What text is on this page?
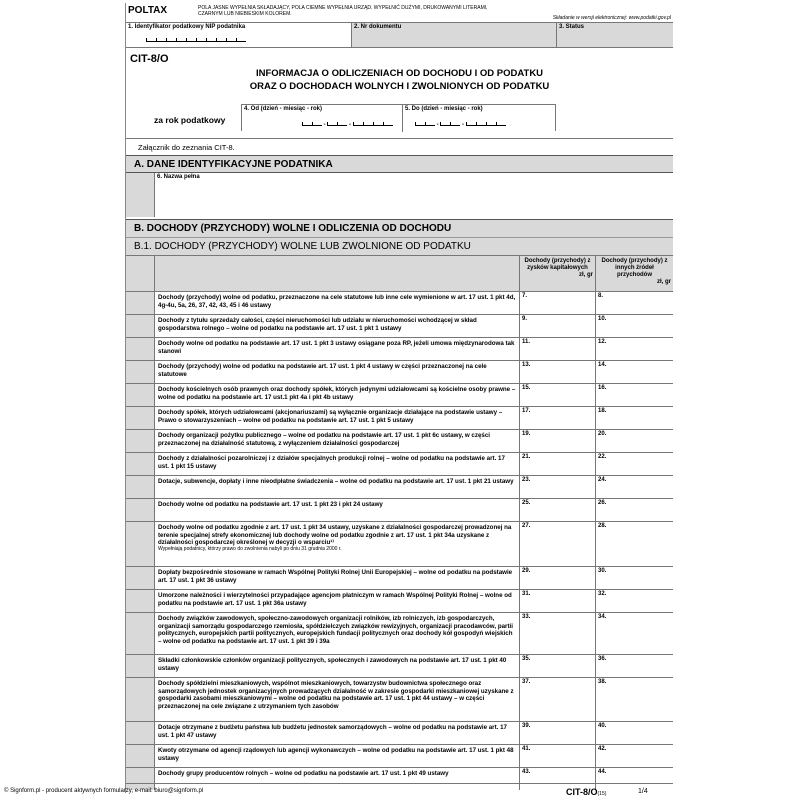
POLTAX	POLA JASNE WYPEŁNIA SKŁADAJĄCY, POLA CIEMNE WYPEŁNIA URZĄD. WYPEŁNIĆ DUŻYMI, DRUKOWANYMI LITERAMI, CZARNYM LUB NIEBIESKIM KOLOREM.
Składanie w wersji elektronicznej: www.podatki.gov.pl
1. Identyfikator podatkowy NIP podatnika	2. Nr dokumentu	3. Status
CIT-8/O
INFORMACJA O ODLICZENIACH OD DOCHODU I OD PODATKU
ORAZ O DOCHODACH WOLNYCH I ZWOLNIONYCH OD PODATKU
za rok podatkowy
4. Od (dzień - miesiąc - rok)
-	-
5. Do (dzień - miesiąc - rok)
-	-
Załącznik do zeznania CIT-8.
A. DANE IDENTYFIKACYJNE PODATNIKA
6. Nazwa pełna
B. DOCHODY (PRZYCHODY) WOLNE I ODLICZENIA OD DOCHODU
B.1. DOCHODY (PRZYCHODY) WOLNE LUB ZWOLNIONE OD PODATKU
Dochody (przychody) z zysków kapitałowych
zł, gr
Dochody (przychody) z innych źródeł przychodów
zł, gr
Dochody (przychody) wolne od podatku, przeznaczone na cele statutowe lub inne cele wymienione w art. 17 ust. 1 pkt 4d, 4g-4u, 5a, 26, 37, 42, 43, 45 i 46 ustawy
7.	8.
Dochody z tytułu sprzedaży całości, części nieruchomości lub udziału w nieruchomości wchodzącej w skład gospodarstwa rolnego – wolne od podatku na podstawie art. 17 ust. 1 pkt 1 ustawy
9.	10.
Dochody wolne od podatku na podstawie art. 17 ust. 1 pkt 3 ustawy osiągane poza RP, jeżeli umowa międzynarodowa tak stanowi
11.	12.
Dochody (przychody) wolne od podatku na podstawie art. 17 ust. 1 pkt 4 ustawy w części przeznaczonej na cele statutowe
13.	14.
Dochody kościelnych osób prawnych oraz dochody spółek, których jedynymi udziałowcami są kościelne osoby prawne – wolne od podatku na podstawie art. 17 ust.1 pkt 4a i pkt 4b ustawy
15.	16.
Dochody spółek, których udziałowcami (akcjonariuszami) są wyłącznie organizacje działające na podstawie ustawy – Prawo o stowarzyszeniach – wolne od podatku na podstawie art. 17 ust. 1 pkt 5 ustawy
17.	18.
Dochody organizacji pożytku publicznego – wolne od podatku na podstawie art. 17 ust. 1 pkt 6c ustawy, w części przeznaczonej na działalność statutową, z wyłączeniem działalności gospodarczej
19.	20.
Dochody z działalności pozarolniczej i z działów specjalnych produkcji rolnej – wolne od podatku na podstawie art. 17 ust. 1 pkt 15 ustawy
21.	22.
Dotacje, subwencje, dopłaty i inne nieodpłatne świadczenia – wolne od podatku na podstawie art. 17 ust. 1 pkt 21 ustawy	23.	24.
Dochody wolne od podatku na podstawie art. 17 ust. 1 pkt 23 i pkt 24 ustawy	25.	26.
Dochody wolne od podatku zgodnie z art. 17 ust. 1 pkt 34 ustawy, uzyskane z działalności gospodarczej prowadzonej na terenie specjalnej strefy ekonomicznej lub dochody wolne od podatku zgodnie z art. 17 ust. 1 pkt 34a uzyskane z działalności gospodarczej określonej w decyzji o wsparciu¹⁾
Wypełniają podatnicy, którzy prawo do zwolnienia nabyli po dniu 31 grudnia 2000 r.
27.	28.
Dopłaty bezpośrednie stosowane w ramach Wspólnej Polityki Rolnej Unii Europejskiej – wolne od podatku na podstawie art. 17 ust. 1 pkt 36 ustawy
29.	30.
Umorzone należności i wierzytelności przypadające agencjom płatniczym w ramach Wspólnej Polityki Rolnej – wolne od podatku na podstawie art. 17 ust. 1 pkt 36a ustawy
31.	32.
Dochody związków zawodowych, społeczno-zawodowych organizacji rolników, izb rolniczych, izb gospodarczych, organizacji samorządu gospodarczego rzemiosła, spółdzielczych związków rewizyjnych, organizacji pracodawców, partii politycznych, europejskich partii politycznych, europejskich fundacji politycznych oraz dochody kół gospodyń wiejskich – wolne od podatku na podstawie art. 17 ust. 1 pkt 39 i 39a
33.	34.
Składki członkowskie członków organizacji politycznych, społecznych i zawodowych na podstawie art. 17 ust. 1 pkt 40 ustawy
35.	36.
Dochody spółdzielni mieszkaniowych, wspólnot mieszkaniowych, towarzystw budownictwa społecznego oraz samorządowych jednostek organizacyjnych prowadzących działalność w zakresie gospodarki mieszkaniowej uzyskane z gospodarki zasobami mieszkaniowymi – wolne od podatku na podstawie art. 17 ust. 1 pkt 44 ustawy – w części przeznaczonej na cele związane z utrzymaniem tych zasobów
37.	38.
Dotacje otrzymane z budżetu państwa lub budżetu jednostek samorządowych – wolne od podatku na podstawie art. 17 ust. 1 pkt 47 ustawy
39.	40.
Kwoty otrzymane od agencji rządowych lub agencji wykonawczych – wolne od podatku na podstawie art. 17 ust. 1 pkt 48 ustawy
41.	42.
Dochody grupy producentów rolnych – wolne od podatku na podstawie art. 17 ust. 1 pkt 49 ustawy	43.	44.
© Signform.pl - producent aktywnych formularzy, e-mail: biuro@signform.pl	CIT-8/O(15)	1/4
